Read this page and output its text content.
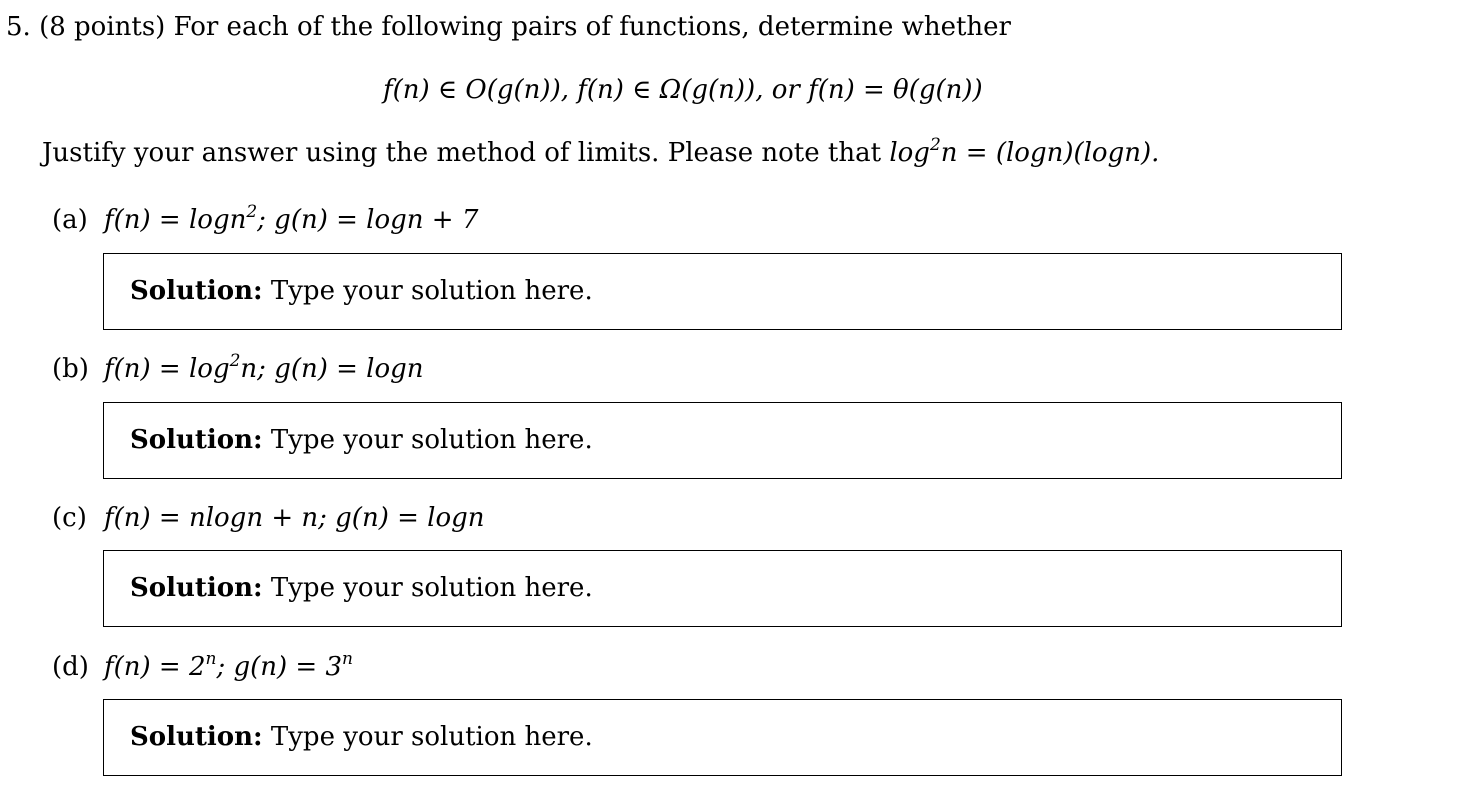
5. (8 points) For each of the following pairs of functions, determine whether
f(n) ∈ O(g(n)), f(n) ∈ Ω(g(n)), or f(n) = θ(g(n))
Justify your answer using the method of limits. Please note that $\log^2n = (\log n)(\log n)$.
(a) f(n) = logn$^2$; g(n) = logn + 7
Solution: Type your solution here.
(b) $f(n) = \log^2n$; g(n) = logn
Solution: Type your solution here.
(c) f(n) = nlogn + n; g(n) = logn
Solution: Type your solution here.
(d) $f(n) = 2^n$; $g(n) = 3^n$
Solution: Type your solution here.
